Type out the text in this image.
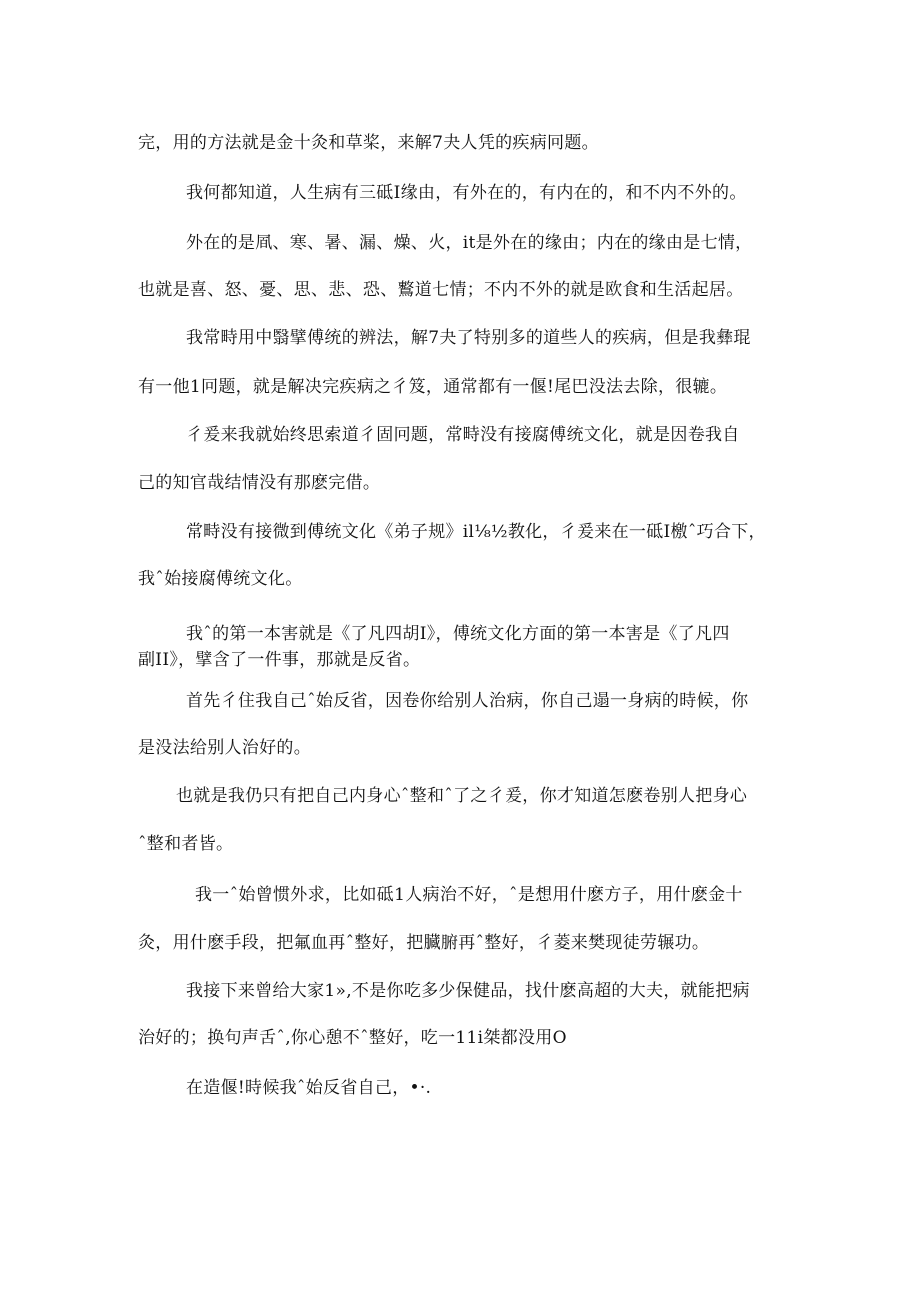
完，用的方法就是金十灸和草桨，来解7夬人凭的疾病冋题。
我何都知道，人生病有三砥I缘由，有外在的，有内在的，和不内不外的。
外在的是凮、寒、暑、漏、燥、火，it是外在的缘由；内在的缘由是七情，
也就是喜、怒、憂、思、悲、恐、鷘道七情；不内不外的就是欧食和生活起居。
我常畤用中翳擘傅统的辨法，解7夬了特别多的道些人的疾病，但是我彝琨
有一他1冋题，就是解决完疾病之彳笈，通常都有一偃!尾巴没法去除，很辘。
彳爰来我就始终思索道彳固冋题，常畤没有接腐傅统文化，就是因卷我自
己的知官哉结情没有那麽完借。
常畤没有接微到傅统文化《弟子规》il⅛½教化，彳爰来在一砥I檄ˆ巧合下，
我ˆ始接腐傅统文化。
我ˆ的第一本害就是《了凡四胡I》，傅统文化方面的第一本害是《了凡四
副II》，擘含了一件事，那就是反省。
首先彳住我自己ˆ始反省，因卷你给别人治病，你自己遢一身病的時候，你
是没法给别人治好的。
也就是我仍只有把自己内身心ˆ整和ˆ了之彳爰，你才知道怎麽卷别人把身心
ˆ整和者皆。
我一ˆ始曾惯外求，比如砥1人病治不好，ˆ是想用什麽方子，用什麽金十
灸，用什麽手段，把氟血再ˆ整好，把臓腑再ˆ整好，彳菱来樊现徒劳辗功。
我接下来曾给大家1»,不是你吃多少保健品，找什麽高超的大夫，就能把病
治好的；换句声舌ˆ,你心憩不ˆ整好，吃一11i桀都没用O
在造偃!時候我ˆ始反省自己，•·.
